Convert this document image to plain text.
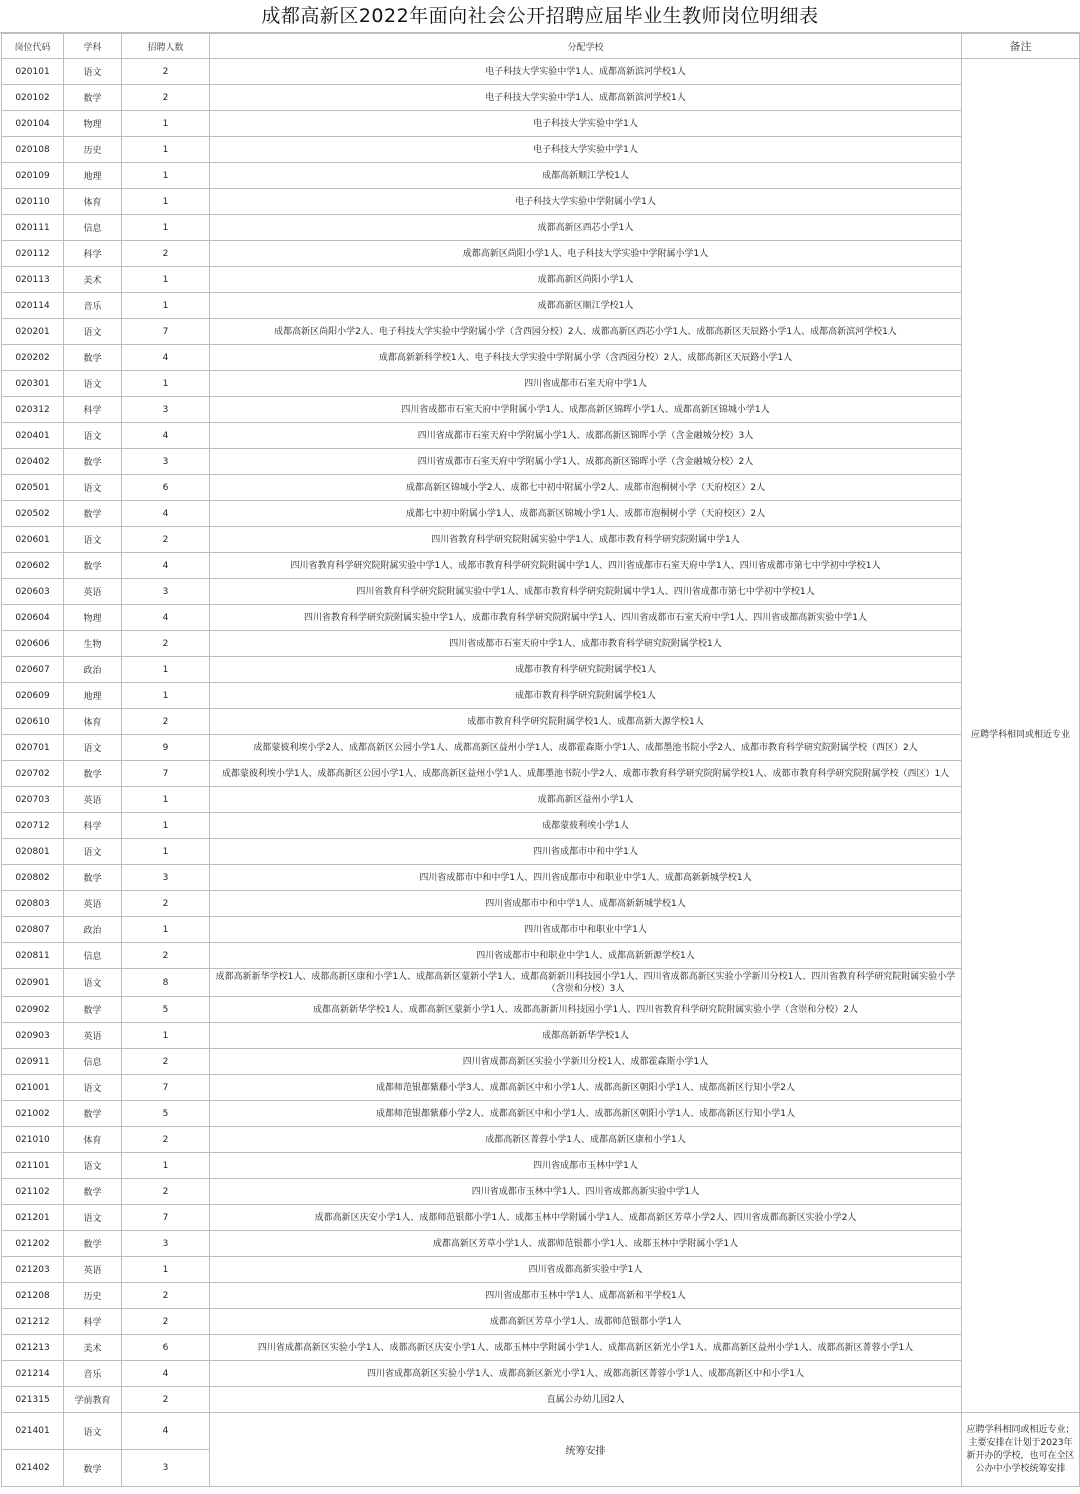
成都高新区2022年面向社会公开招聘应届毕业生教师岗位明细表
岗位代码	学科	招聘人数	分配学校	备注
020101	语文	2	电子科技大学实验中学1人、成都高新滨河学校1人	应聘学科相同或相近专业
020102	数学	2	电子科技大学实验中学1人、成都高新滨河学校1人	
020104	物理	1	电子科技大学实验中学1人	
020108	历史	1	电子科技大学实验中学1人	
020109	地理	1	成都高新顺江学校1人	
020110	体育	1	电子科技大学实验中学附属小学1人	
020111	信息	1	成都高新区西芯小学1人	
020112	科学	2	成都高新区尚阳小学1人、电子科技大学实验中学附属小学1人	
020113	美术	1	成都高新区尚阳小学1人	
020114	音乐	1	成都高新区顺江学校1人	
020201	语文	7	成都高新区尚阳小学2人、电子科技大学实验中学附属小学（含西园分校）2人、成都高新区西芯小学1人、成都高新区天辰路小学1人、成都高新滨河学校1人	
020202	数学	4	成都高新新科学校1人、电子科技大学实验中学附属小学（含西园分校）2人、成都高新区天辰路小学1人	
020301	语文	1	四川省成都市石室天府中学1人	
020312	科学	3	四川省成都市石室天府中学附属小学1人、成都高新区锦晖小学1人、成都高新区锦城小学1人	
020401	语文	4	四川省成都市石室天府中学附属小学1人、成都高新区锦晖小学（含金融城分校）3人	
020402	数学	3	四川省成都市石室天府中学附属小学1人、成都高新区锦晖小学（含金融城分校）2人	
020501	语文	6	成都高新区锦城小学2人、成都七中初中附属小学2人、成都市泡桐树小学（天府校区）2人	
020502	数学	4	成都七中初中附属小学1人、成都高新区锦城小学1人、成都市泡桐树小学（天府校区）2人	
020601	语文	2	四川省教育科学研究院附属实验中学1人、成都市教育科学研究院附属中学1人	
020602	数学	4	四川省教育科学研究院附属实验中学1人、成都市教育科学研究院附属中学1人、四川省成都市石室天府中学1人、四川省成都市第七中学初中学校1人	
020603	英语	3	四川省教育科学研究院附属实验中学1人、成都市教育科学研究院附属中学1人、四川省成都市第七中学初中学校1人	
020604	物理	4	四川省教育科学研究院附属实验中学1人、成都市教育科学研究院附属中学1人、四川省成都市石室天府中学1人、四川省成都高新实验中学1人	
020606	生物	2	四川省成都市石室天府中学1人、成都市教育科学研究院附属学校1人	
020607	政治	1	成都市教育科学研究院附属学校1人	
020609	地理	1	成都市教育科学研究院附属学校1人	
020610	体育	2	成都市教育科学研究院附属学校1人、成都高新大源学校1人	
020701	语文	9	成都蒙彼利埃小学2人、成都高新区公园小学1人、成都高新区益州小学1人、成都霍森斯小学1人、成都墨池书院小学2人、成都市教育科学研究院附属学校（西区）2人	
020702	数学	7	成都蒙彼利埃小学1人、成都高新区公园小学1人、成都高新区益州小学1人、成都墨池书院小学2人、成都市教育科学研究院附属学校1人、成都市教育科学研究院附属学校（西区）1人	
020703	英语	1	成都高新区益州小学1人	
020712	科学	1	成都蒙彼利埃小学1人	
020801	语文	1	四川省成都市中和中学1人	
020802	数学	3	四川省成都市中和中学1人、四川省成都市中和职业中学1人、成都高新新城学校1人	
020803	英语	2	四川省成都市中和中学1人、成都高新新城学校1人	
020807	政治	1	四川省成都市中和职业中学1人	
020811	信息	2	四川省成都市中和职业中学1人、成都高新新源学校1人	
020901	语文	8	成都高新新华学校1人、成都高新区康和小学1人、成都高新区蒙新小学1人、成都高新新川科技园小学1人、四川省成都高新区实验小学新川分校1人、四川省教育科学研究院附属实验小学（含崇和分校）3人	
020902	数学	5	成都高新新华学校1人、成都高新区蒙新小学1人、成都高新新川科技园小学1人、四川省教育科学研究院附属实验小学（含崇和分校）2人	
020903	英语	1	成都高新新华学校1人	
020911	信息	2	四川省成都高新区实验小学新川分校1人、成都霍森斯小学1人	
021001	语文	7	成都师范银都紫藤小学3人、成都高新区中和小学1人、成都高新区朝阳小学1人、成都高新区行知小学2人	
021002	数学	5	成都师范银都紫藤小学2人、成都高新区中和小学1人、成都高新区朝阳小学1人、成都高新区行知小学1人	
021010	体育	2	成都高新区菁蓉小学1人、成都高新区康和小学1人	
021101	语文	1	四川省成都市玉林中学1人	
021102	数学	2	四川省成都市玉林中学1人、四川省成都高新实验中学1人	
021201	语文	7	成都高新区庆安小学1人、成都师范银都小学1人、成都玉林中学附属小学1人、成都高新区芳草小学2人、四川省成都高新区实验小学2人	
021202	数学	3	成都高新区芳草小学1人、成都师范银都小学1人、成都玉林中学附属小学1人	
021203	英语	1	四川省成都高新实验中学1人	
021208	历史	2	四川省成都市玉林中学1人、成都高新和平学校1人	
021212	科学	2	成都高新区芳草小学1人、成都师范银都小学1人	
021213	美术	6	四川省成都高新区实验小学1人、成都高新区庆安小学1人、成都玉林中学附属小学1人、成都高新区新光小学1人、成都高新区益州小学1人、成都高新区菁蓉小学1人	
021214	音乐	4	四川省成都高新区实验小学1人、成都高新区新光小学1人、成都高新区菁蓉小学1人、成都高新区中和小学1人	
021315	学前教育	2	直属公办幼儿园2人	
021401	语文	4	统筹安排	应聘学科相同或相近专业；主要安排在计划于2023年新开办的学校，也可在全区公办中小学校统筹安排
021402	数学	3		
